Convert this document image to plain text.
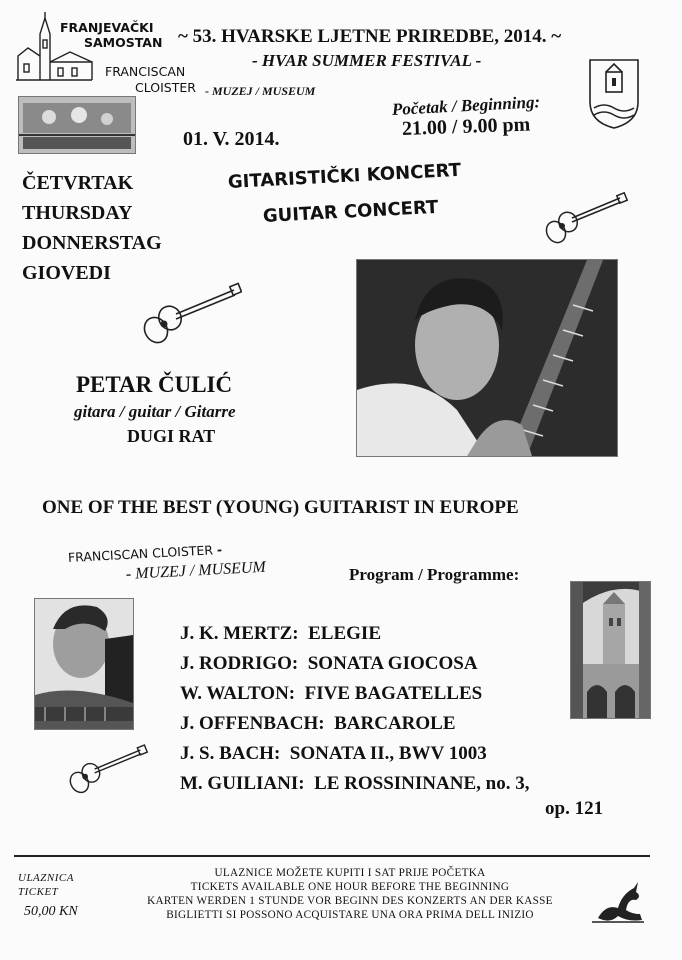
FRANJEVAČKI
SAMOSTAN
FRANCISCAN
CLOISTER - MUZEJ / MUSEUM
~ 53. HVARSKE LJETNE PRIREDBE, 2014. ~
- HVAR SUMMER FESTIVAL -
01. V. 2014.
Početak / Beginning:
21.00 / 9.00 pm
ČETVRTAK
THURSDAY
DONNERSTAG
GIOVEDI
GITARISTIČKI KONCERT
GUITAR CONCERT
PETAR ČULIĆ
gitara / guitar / Gitarre
DUGI RAT
ONE OF THE BEST (YOUNG) GUITARIST IN EUROPE
FRANCISCAN CLOISTER -
- MUZEJ / MUSEUM	Program / Programme:
J. K. MERTZ: ELEGIE
J. RODRIGO: SONATA GIOCOSA
W. WALTON: FIVE BAGATELLES
J. OFFENBACH: BARCAROLE
J. S. BACH: SONATA II., BWV 1003
M. GUILIANI: LE ROSSININANE, no. 3,
op. 121
ULAZNICA
TICKET
50,00 KN
ULAZNICE MOŽETE KUPITI I SAT PRIJE POČETKA
TICKETS AVAILABLE ONE HOUR BEFORE THE BEGINNING
KARTEN WERDEN 1 STUNDE VOR BEGINN DES KONZERTS AN DER KASSE
BIGLIETTI SI POSSONO ACQUISTARE UNA ORA PRIMA DELL INIZIO
